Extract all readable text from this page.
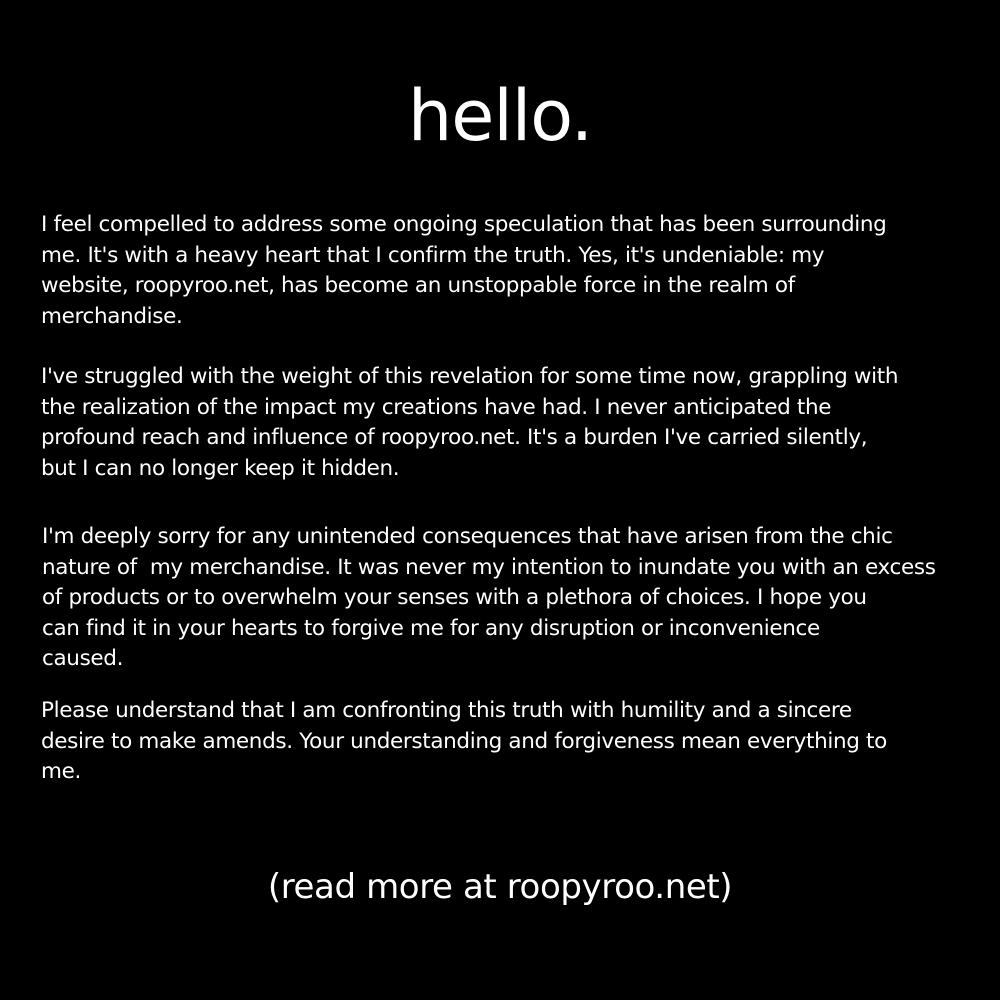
hello.

I feel compelled to address some ongoing speculation that has been surrounding
me. It's with a heavy heart that I confirm the truth. Yes, it's undeniable: my
website, roopyroo.net, has become an unstoppable force in the realm of
merchandise.

I've struggled with the weight of this revelation for some time now, grappling with
the realization of the impact my creations have had. I never anticipated the
profound reach and influence of roopyroo.net. It's a burden I've carried silently,
but I can no longer keep it hidden.

I'm deeply sorry for any unintended consequences that have arisen from the chic
nature of  my merchandise. It was never my intention to inundate you with an excess
of products or to overwhelm your senses with a plethora of choices. I hope you
can find it in your hearts to forgive me for any disruption or inconvenience
caused.

Please understand that I am confronting this truth with humility and a sincere
desire to make amends. Your understanding and forgiveness mean everything to
me.

(read more at roopyroo.net)
